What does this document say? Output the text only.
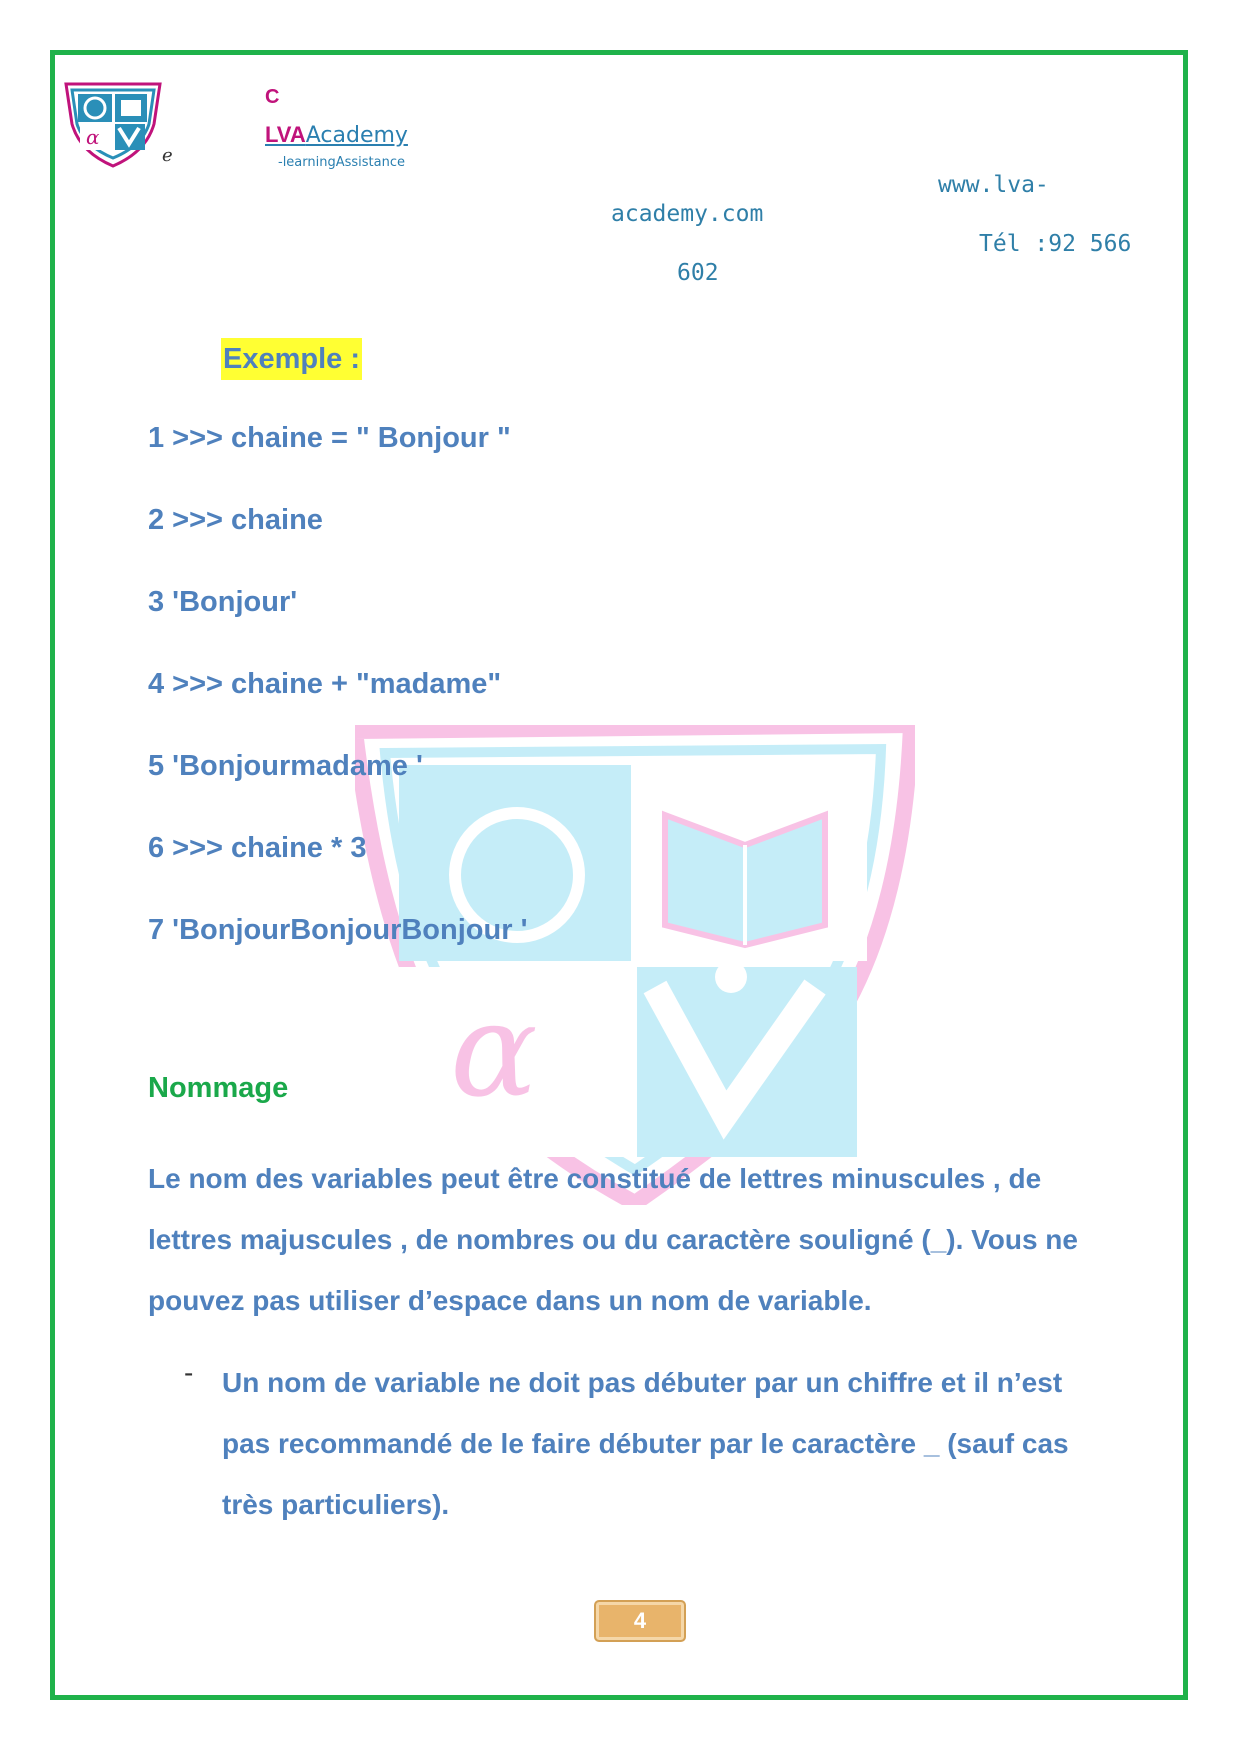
α
e
C
LVAAcademy
-learningAssistance
www.lva-
academy.com
Tél :92 566
602
α
Exemple :
1 >>> chaine = " Bonjour "
2 >>> chaine
3 'Bonjour'
4 >>> chaine + "madame"
5 'Bonjourmadame '
6 >>> chaine * 3
7 'BonjourBonjourBonjour '
Nommage
Le nom des variables peut être constitué de lettres minuscules , de lettres majuscules , de nombres ou du caractère souligné (_). Vous ne pouvez pas utiliser d’espace dans un nom de variable.
- Un nom de variable ne doit pas débuter par un chiffre et il n’est pas recommandé de le faire débuter par le caractère _ (sauf cas très particuliers).
4
